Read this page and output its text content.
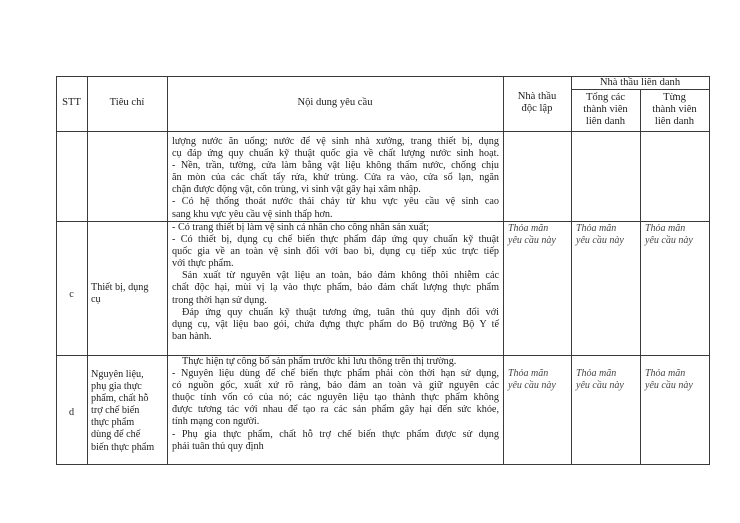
STT	Tiêu chí	Nội dung yêu cầu
Nhà thầu
độc lập
Nhà thầu liên danh
Tổng các
thành viên
liên danh
Từng
thành viên
liên danh
lượng nước ăn uống; nước để vệ sinh nhà xưởng, trang thiết bị, dụng
cụ đáp ứng quy chuẩn kỹ thuật quốc gia về chất lượng nước sinh hoạt.
- Nền, trần, tường, cửa làm bằng vật liệu không thấm nước, chống chịu
ăn mòn của các chất tẩy rửa, khử trùng. Cửa ra vào, cửa sổ lạn, ngăn
chặn được động vật, côn trùng, vi sinh vật gây hại xâm nhập.
- Có hệ thống thoát nước thải chảy từ khu vực yêu cầu vệ sinh cao
sang khu vực yêu cầu vệ sinh thấp hơn.
c
Thiết bị, dụng
cụ
- Có trang thiết bị làm vệ sinh cá nhân cho công nhân sản xuất;
- Có thiết bị, dụng cụ chế biến thực phẩm đáp ứng quy chuẩn kỹ thuật
quốc gia về an toàn vệ sinh đối với bao bì, dụng cụ tiếp xúc trực tiếp
với thực phẩm.
Sản xuất từ nguyên vật liệu an toàn, bảo đảm không thôi nhiễm các
chất độc hại, mùi vị lạ vào thực phẩm, bảo đảm chất lượng thực phẩm
trong thời hạn sử dụng.
Đáp ứng quy chuẩn kỹ thuật tương ứng, tuân thủ quy định đối với
dụng cụ, vật liệu bao gói, chứa đựng thực phẩm do Bộ trưởng Bộ Y tế
ban hành.
Thỏa mãn
yêu cầu này
Thỏa mãn
yêu cầu này
Thỏa mãn
yêu cầu này
d
Nguyên liệu,
phụ gia thực
phẩm, chất hỗ
trợ chế biến
thực phẩm
dùng để chế
biến thực phẩm
Thực hiện tự công bố sản phẩm trước khi lưu thông trên thị trường.
- Nguyên liệu dùng để chế biến thực phẩm phải còn thời hạn sử dụng,
có nguồn gốc, xuất xứ rõ ràng, bảo đảm an toàn và giữ nguyên các
thuộc tính vốn có của nó; các nguyên liệu tạo thành thực phẩm không
được tương tác với nhau để tạo ra các sản phẩm gây hại đến sức khỏe,
tính mạng con người.
- Phụ gia thực phẩm, chất hỗ trợ chế biến thực phẩm được sử dụng
phải tuân thủ quy định
Thỏa mãn
yêu cầu này
Thỏa mãn
yêu cầu này
Thỏa mãn
yêu cầu này
